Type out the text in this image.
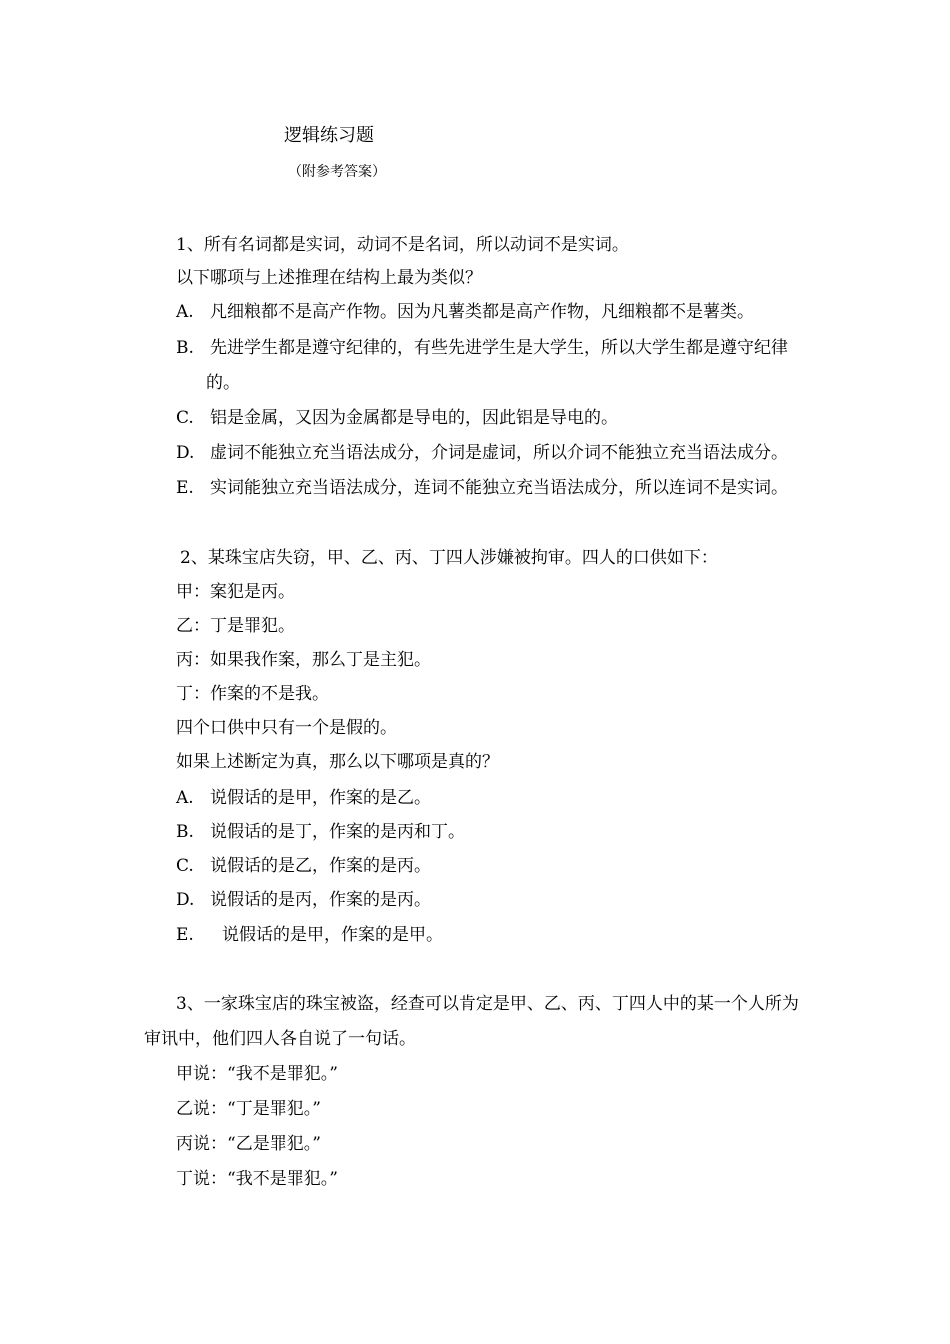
逻辑练习题
（附参考答案）
1、所有名词都是实词，动词不是名词，所以动词不是实词。
以下哪项与上述推理在结构上最为类似？
A. 凡细粮都不是高产作物。因为凡薯类都是高产作物，凡细粮都不是薯类。
B. 先进学生都是遵守纪律的，有些先进学生是大学生，所以大学生都是遵守纪律
的。
C. 铝是金属，又因为金属都是导电的，因此铝是导电的。
D. 虚词不能独立充当语法成分，介词是虚词，所以介词不能独立充当语法成分。
E. 实词能独立充当语法成分，连词不能独立充当语法成分，所以连词不是实词。
2、某珠宝店失窃，甲、乙、丙、丁四人涉嫌被拘审。四人的口供如下：
甲：案犯是丙。
乙：丁是罪犯。
丙：如果我作案，那么丁是主犯。
丁：作案的不是我。
四个口供中只有一个是假的。
如果上述断定为真，那么以下哪项是真的？
A. 说假话的是甲，作案的是乙。
B. 说假话的是丁，作案的是丙和丁。
C. 说假话的是乙，作案的是丙。
D. 说假话的是丙，作案的是丙。
E. 说假话的是甲，作案的是甲。
3、一家珠宝店的珠宝被盗，经查可以肯定是甲、乙、丙、丁四人中的某一个人所为
审讯中，他们四人各自说了一句话。
甲说：“我不是罪犯。”
乙说：“丁是罪犯。”
丙说：“乙是罪犯。”
丁说：“我不是罪犯。”
